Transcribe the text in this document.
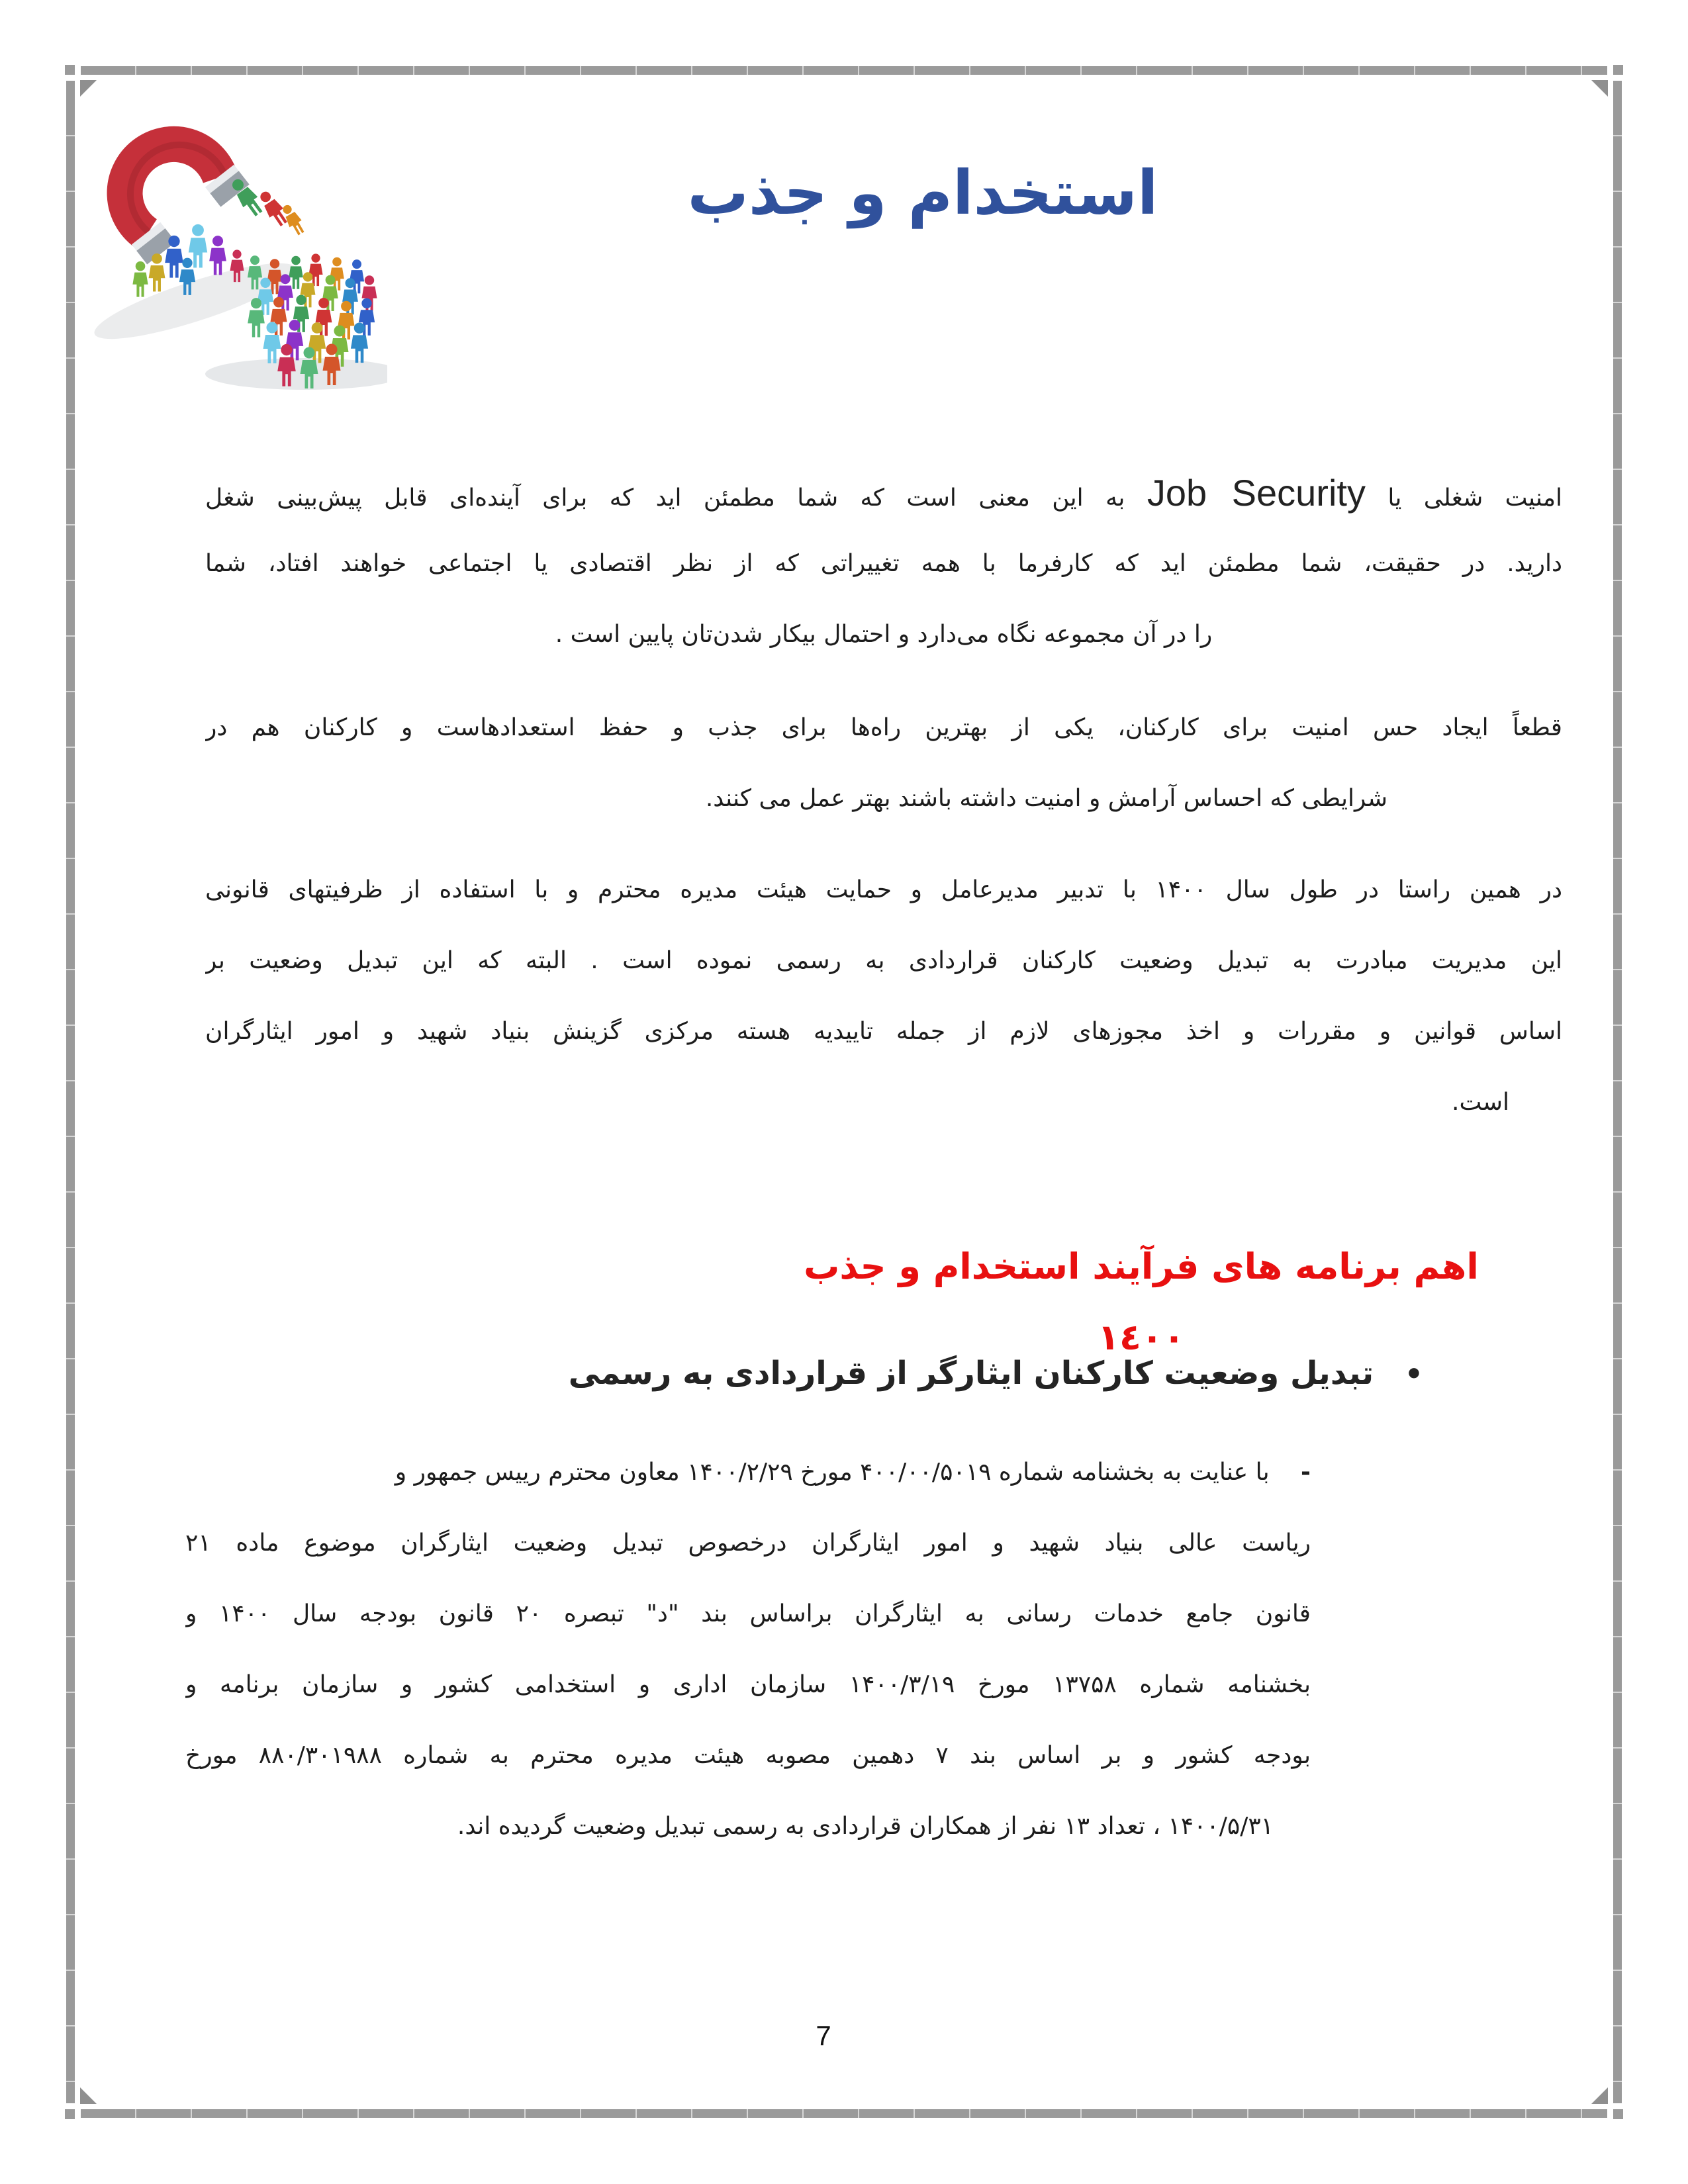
استخدام و جذب
امنیت شغلی یا Job Security به این معنی است که شما مطمئن اید که برای آینده‌ای قابل پیش‌بینی شغل
دارید. در حقیقت، شما مطمئن اید که کارفرما با همه تغییراتی که از نظر اقتصادی یا اجتماعی خواهند افتاد، شما
را در آن مجموعه نگاه می‌دارد و احتمال بیکار شدن‌تان پایین است .
قطعاً ایجاد حس امنیت برای کارکنان، یکی از بهترین راه‌ها برای جذب و حفظ استعدادهاست و کارکنان هم در
شرایطی که احساس آرامش و امنیت داشته باشند بهتر عمل می کنند.
در همین راستا در طول سال ۱۴۰۰ با تدبیر مدیرعامل و حمایت هیئت مدیره محترم و با استفاده از ظرفیتهای قانونی
این مدیریت مبادرت به تبدیل وضعیت کارکنان قراردادی به رسمی نموده است . البته که این تبدیل وضعیت بر
اساس قوانین و مقررات و اخذ مجوزهای لازم از جمله تاییدیه هسته مرکزی گزینش بنیاد شهید و امور ایثارگران
است.
اهم برنامه های فرآیند استخدام و جذب ١٤٠٠
• تبدیل وضعیت کارکنان ایثارگر از قراردادی به رسمی
- با عنایت به بخشنامه شماره ۴۰۰/۰۰/۵۰۱۹ مورخ ۱۴۰۰/۲/۲۹ معاون محترم رییس جمهور و
ریاست عالی بنیاد شهید و امور ایثارگران درخصوص تبدیل وضعیت ایثارگران موضوع ماده ۲۱
قانون جامع خدمات رسانی به ایثارگران براساس بند "د" تبصره ۲۰ قانون بودجه سال ۱۴۰۰ و
بخشنامه شماره ۱۳۷۵۸ مورخ ۱۴۰۰/۳/۱۹ سازمان اداری و استخدامی کشور و سازمان برنامه و
بودجه کشور و بر اساس بند ۷ دهمین مصوبه هیئت مدیره محترم به شماره ۸۸۰/۳۰۱۹۸۸ مورخ
۱۴۰۰/۵/۳۱ ، تعداد ۱۳ نفر از همکاران قراردادی به رسمی تبدیل وضعیت گردیده اند.
7
